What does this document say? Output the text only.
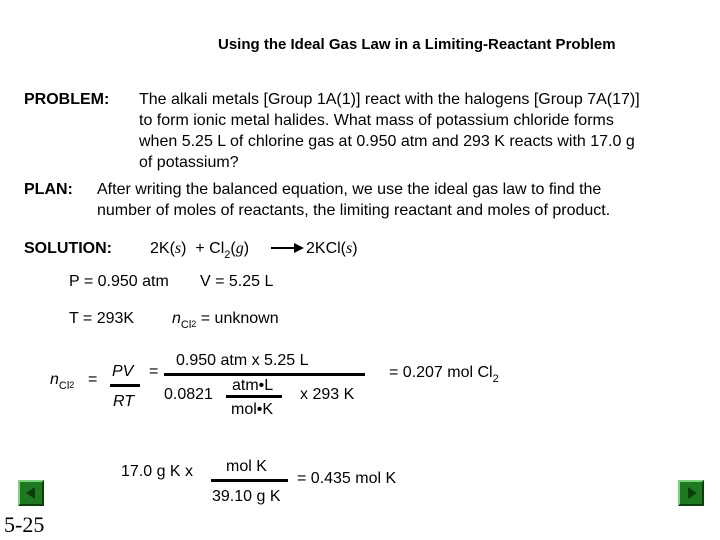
Using the Ideal Gas Law in a Limiting-Reactant Problem
PROBLEM: The alkali metals [Group 1A(1)] react with the halogens [Group 7A(17)]
to form ionic metal halides. What mass of potassium chloride forms
when 5.25 L of chlorine gas at 0.950 atm and 293 K reacts with 17.0 g
of potassium?
PLAN: After writing the balanced equation, we use the ideal gas law to find the
number of moles of reactants, the limiting reactant and moles of product.
SOLUTION: $2K(s) + Cl_2(g) \to 2KCl(s)$
P = 0.950 atm V = 5.25 L
T = 293K $n_{Cl2}$ = unknown
$n_{Cl2}$ = PV
RT
=
0.950 atm x 5.25 L
0.0821
atm•L
mol•K
x 293 K
= 0.207 mol $Cl_2$
17.0 g K x mol K
39.10 g K
= 0.435 mol K
5-25
